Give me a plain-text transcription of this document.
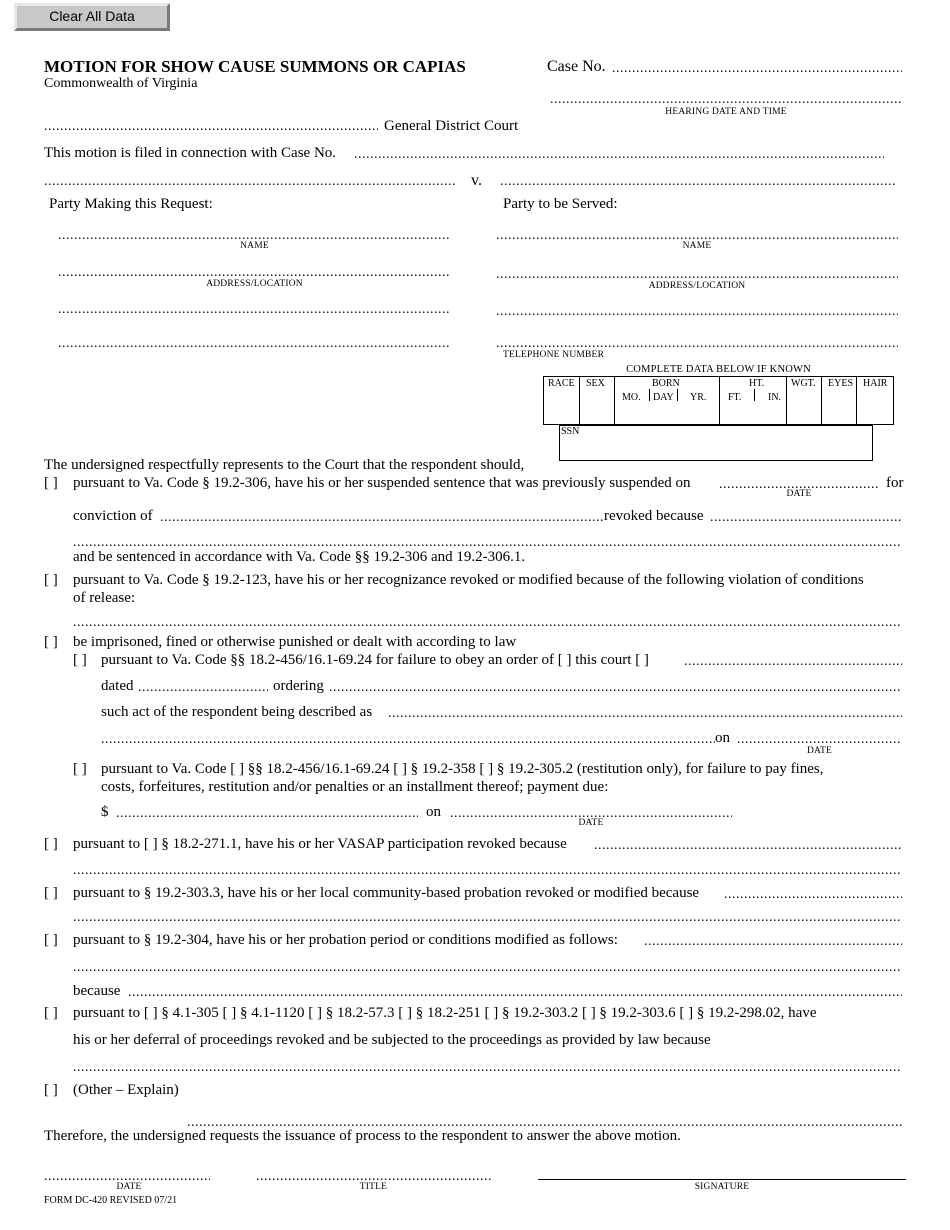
Clear All Data
MOTION FOR SHOW CAUSE SUMMONS OR CAPIAS
Commonwealth of Virginia
Case No.
.....
.....
HEARING DATE AND TIME
.....
General District Court
This motion is filed in connection with Case No.
.....
.....
v.
.....
Party Making this Request:	Party to be Served:
.....
NAME
.....
ADDRESS/LOCATION
.....
.....
.....
NAME
.....
ADDRESS/LOCATION
.....
.....
TELEPHONE NUMBER
COMPLETE DATA BELOW IF KNOWN
RACE SEX	BORN
MO. DAY YR.
HT.
FT.	IN.
WGT. EYES HAIR
SSN
The undersigned respectfully represents to the Court that the respondent should,
[ ] pursuant to Va. Code § 19.2-306, have his or her suspended sentence that was previously suspended on .....	for
DATE
conviction of .....	revoked because
.....
.....
and be sentenced in accordance with Va. Code §§ 19.2-306 and 19.2-306.1.
[ ] pursuant to Va. Code § 19.2-123, have his or her recognizance revoked or modified because of the following violation of conditions
of release:
.....
[ ] be imprisoned, fined or otherwise punished or dealt with according to law
[ ] pursuant to Va. Code §§ 18.2-456/16.1-69.24 for failure to obey an order of [ ] this court [ ]
.....
dated .....	ordering
.....
such act of the respondent being described as
.....
.....
on
.....
DATE
[ ] pursuant to Va. Code [ ] §§ 18.2-456/16.1-69.24 [ ] § 19.2-358 [ ] § 19.2-305.2 (restitution only), for failure to pay fines,
costs, forfeitures, restitution and/or penalties or an installment thereof; payment due:
$ .....	on
.....
DATE
[ ] pursuant to [ ] § 18.2-271.1, have his or her VASAP participation revoked because
.....
.....
[ ] pursuant to § 19.2-303.3, have his or her local community-based probation revoked or modified because
.....
.....
[ ] pursuant to § 19.2-304, have his or her probation period or conditions modified as follows:
.....
.....
because
.....
[ ] pursuant to [ ] § 4.1-305 [ ] § 4.1-1120 [ ] § 18.2-57.3 [ ] § 18.2-251 [ ] § 19.2-303.2 [ ] § 19.2-303.6 [ ] § 19.2-298.02, have
his or her deferral of proceedings revoked and be subjected to the proceedings as provided by law because
.....
[ ] (Other – Explain)
.....
Therefore, the undersigned requests the issuance of process to the respondent to answer the above motion.
.....
DATE
.....	TITLE	SIGNATURE
FORM DC-420 REVISED 07/21
